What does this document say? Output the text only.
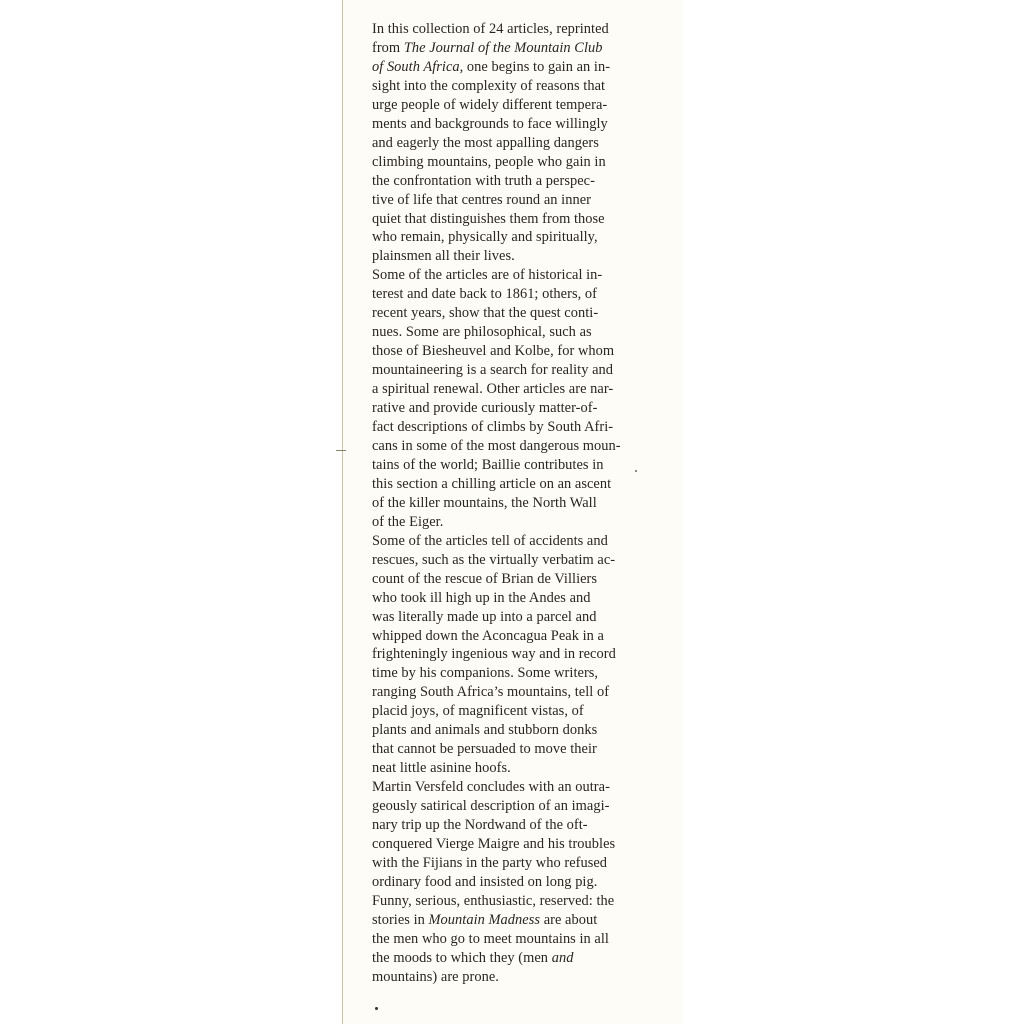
In this collection of 24 articles, reprinted
from The Journal of the Mountain Club
of South Africa, one begins to gain an in-
sight into the complexity of reasons that
urge people of widely different tempera-
ments and backgrounds to face willingly
and eagerly the most appalling dangers
climbing mountains, people who gain in
the confrontation with truth a perspec-
tive of life that centres round an inner
quiet that distinguishes them from those
who remain, physically and spiritually,
plainsmen all their lives.
Some of the articles are of historical in-
terest and date back to 1861; others, of
recent years, show that the quest conti-
nues. Some are philosophical, such as
those of Biesheuvel and Kolbe, for whom
mountaineering is a search for reality and
a spiritual renewal. Other articles are nar-
rative and provide curiously matter-of-
fact descriptions of climbs by South Afri-
cans in some of the most dangerous moun-
tains of the world; Baillie contributes in
this section a chilling article on an ascent
of the killer mountains, the North Wall
of the Eiger.
Some of the articles tell of accidents and
rescues, such as the virtually verbatim ac-
count of the rescue of Brian de Villiers
who took ill high up in the Andes and
was literally made up into a parcel and
whipped down the Aconcagua Peak in a
frighteningly ingenious way and in record
time by his companions. Some writers,
ranging South Africa’s mountains, tell of
placid joys, of magnificent vistas, of
plants and animals and stubborn donks
that cannot be persuaded to move their
neat little asinine hoofs.
Martin Versfeld concludes with an outra-
geously satirical description of an imagi-
nary trip up the Nordwand of the oft-
conquered Vierge Maigre and his troubles
with the Fijians in the party who refused
ordinary food and insisted on long pig.
Funny, serious, enthusiastic, reserved: the
stories in Mountain Madness are about
the men who go to meet mountains in all
the moods to which they (men and
mountains) are prone.
